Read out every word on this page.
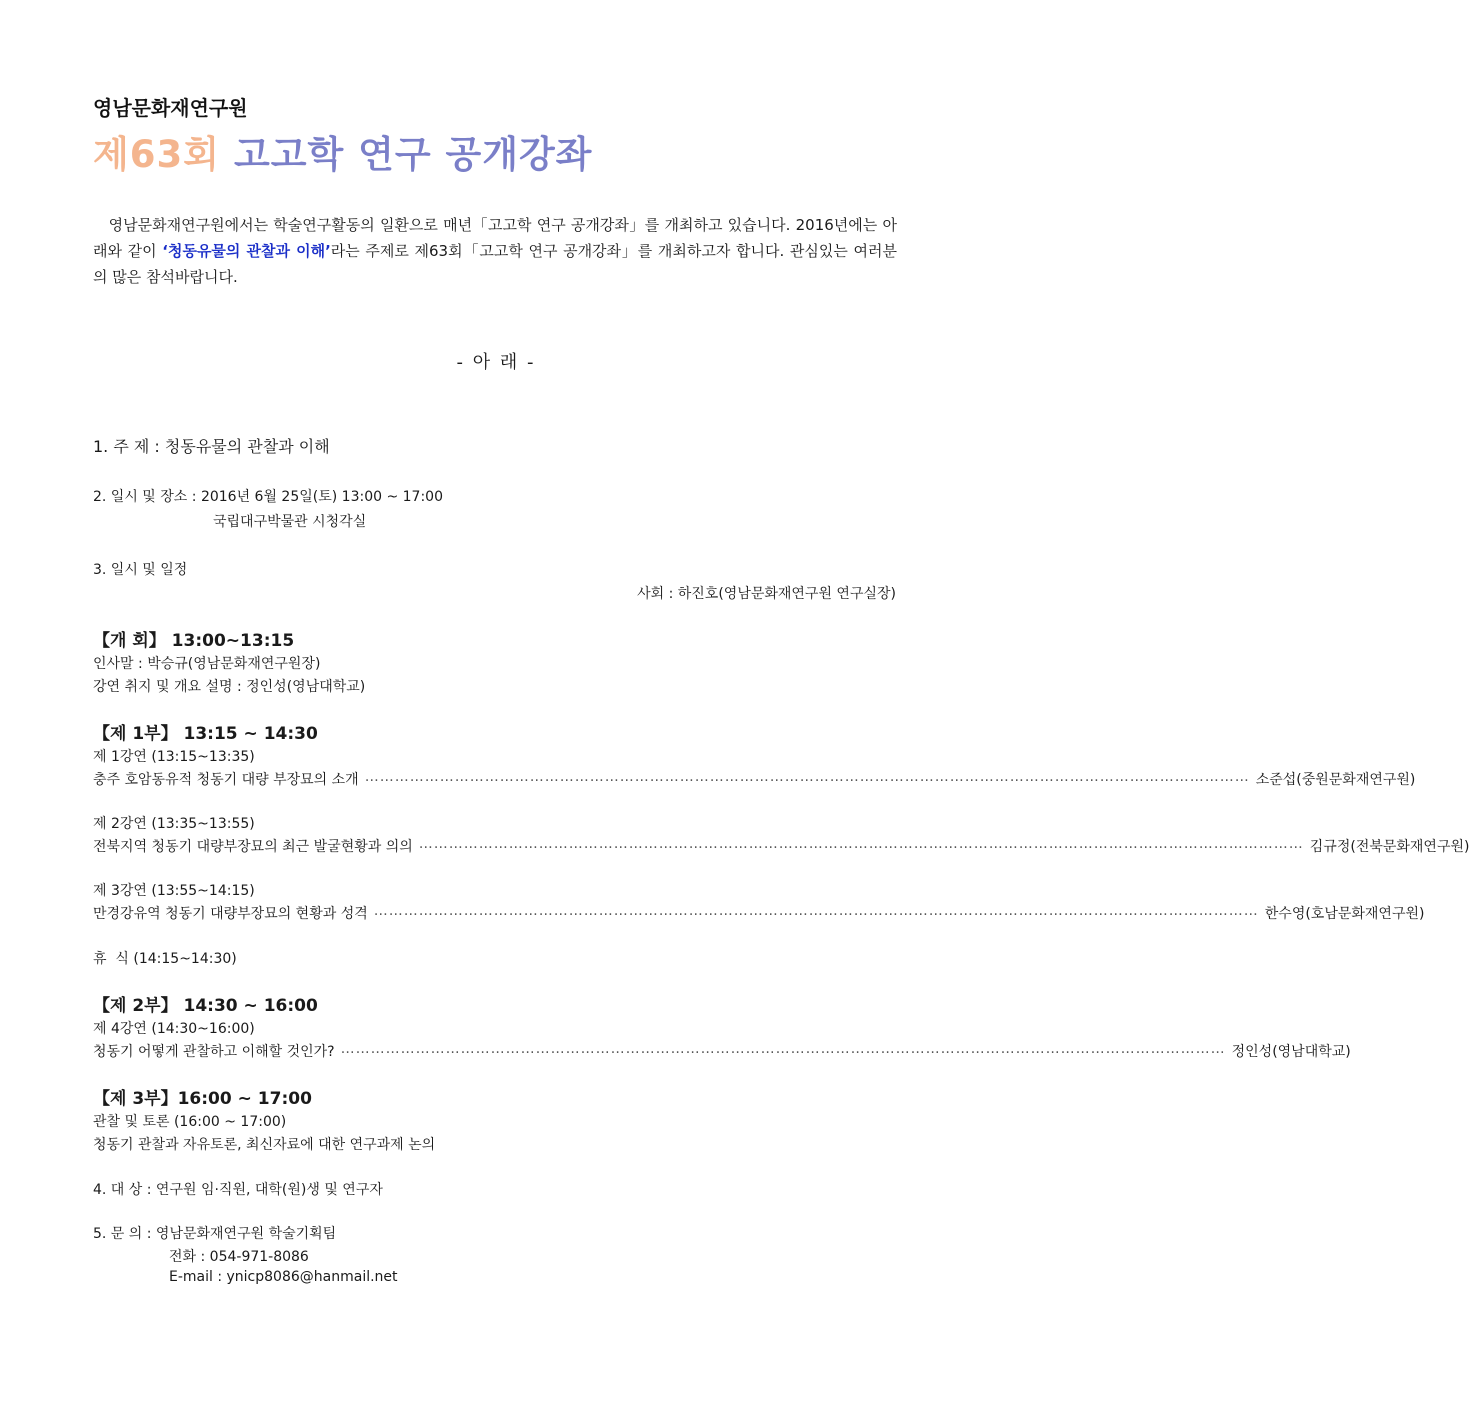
영남문화재연구원
제63회 고고학 연구 공개강좌
영남문화재연구원에서는 학술연구활동의 일환으로 매년「고고학 연구 공개강좌」를 개최하고 있습니다. 2016년에는 아래와 같이 ‘청동유물의 관찰과 이해’라는 주제로 제63회「고고학 연구 공개강좌」를 개최하고자 합니다. 관심있는 여러분의 많은 참석바랍니다.
- 아 래 -
1. 주 제 : 청동유물의 관찰과 이해
2. 일시 및 장소 : 2016년 6월 25일(토) 13:00 ~ 17:00
국립대구박물관 시청각실
3. 일시 및 일정
사회 : 하진호(영남문화재연구원 연구실장)
【개 회】 13:00~13:15
인사말 : 박승규(영남문화재연구원장)
강연 취지 및 개요 설명 : 정인성(영남대학교)
【제 1부】 13:15 ~ 14:30
제 1강연 (13:15~13:35)
충주 호암동유적 청동기 대량 부장묘의 소개 …………………………………………………………………………………………………………………………………………………………… 소준섭(중원문화재연구원)
제 2강연 (13:35~13:55)
전북지역 청동기 대량부장묘의 최근 발굴현황과 의의 …………………………………………………………………………………………………………………………………………………………… 김규정(전북문화재연구원)
제 3강연 (13:55~14:15)
만경강유역 청동기 대량부장묘의 현황과 성격 …………………………………………………………………………………………………………………………………………………………… 한수영(호남문화재연구원)
휴  식 (14:15~14:30)
【제 2부】 14:30 ~ 16:00
제 4강연 (14:30~16:00)
청동기 어떻게 관찰하고 이해할 것인가? …………………………………………………………………………………………………………………………………………………………… 정인성(영남대학교)
【제 3부】16:00 ~ 17:00
관찰 및 토론 (16:00 ~ 17:00)
청동기 관찰과 자유토론, 최신자료에 대한 연구과제 논의
4. 대 상 : 연구원 임·직원, 대학(원)생 및 연구자
5. 문 의 : 영남문화재연구원 학술기획팀
전화 : 054-971-8086
E-mail : ynicp8086@hanmail.net
